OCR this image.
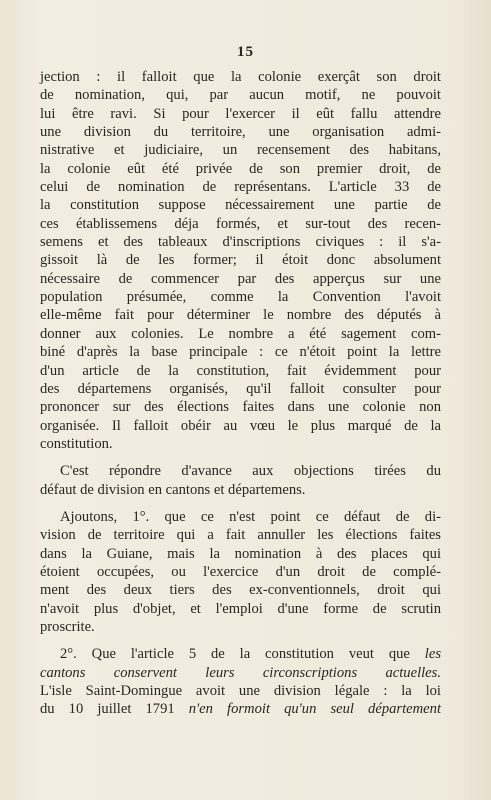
15
jection : il falloit que la colonie exerçât son droit
de nomination, qui, par aucun motif, ne pouvoit
lui être ravi. Si pour l'exercer il eût fallu attendre
une division du territoire, une organisation admi-
nistrative et judiciaire, un recensement des habitans,
la colonie eût été privée de son premier droit, de
celui de nomination de représentans. L'article 33 de
la constitution suppose nécessairement une partie de
ces établissemens déja formés, et sur-tout des recen-
semens et des tableaux d'inscriptions civiques : il s'a-
gissoit là de les former; il étoit donc absolument
nécessaire de commencer par des apperçus sur une
population présumée, comme la Convention l'avoit
elle-même fait pour déterminer le nombre des députés à
donner aux colonies. Le nombre a été sagement com-
biné d'après la base principale : ce n'étoit point la lettre
d'un article de la constitution, fait évidemment pour
des départemens organisés, qu'il falloit consulter pour
prononcer sur des élections faites dans une colonie non
organisée. Il falloit obéir au vœu le plus marqué de la
constitution.
C'est répondre d'avance aux objections tirées du
défaut de division en cantons et départemens.
Ajoutons, 1°. que ce n'est point ce défaut de di-
vision de territoire qui a fait annuller les élections faites
dans la Guiane, mais la nomination à des places qui
étoient occupées, ou l'exercice d'un droit de complé-
ment des deux tiers des ex-conventionnels, droit qui
n'avoit plus d'objet, et l'emploi d'une forme de scrutin
proscrite.
2°. Que l'article 5 de la constitution veut que les
cantons conservent leurs circonscriptions actuelles.
L'isle Saint-Domingue avoit une division légale : la loi
du 10 juillet 1791 n'en formoit qu'un seul département
